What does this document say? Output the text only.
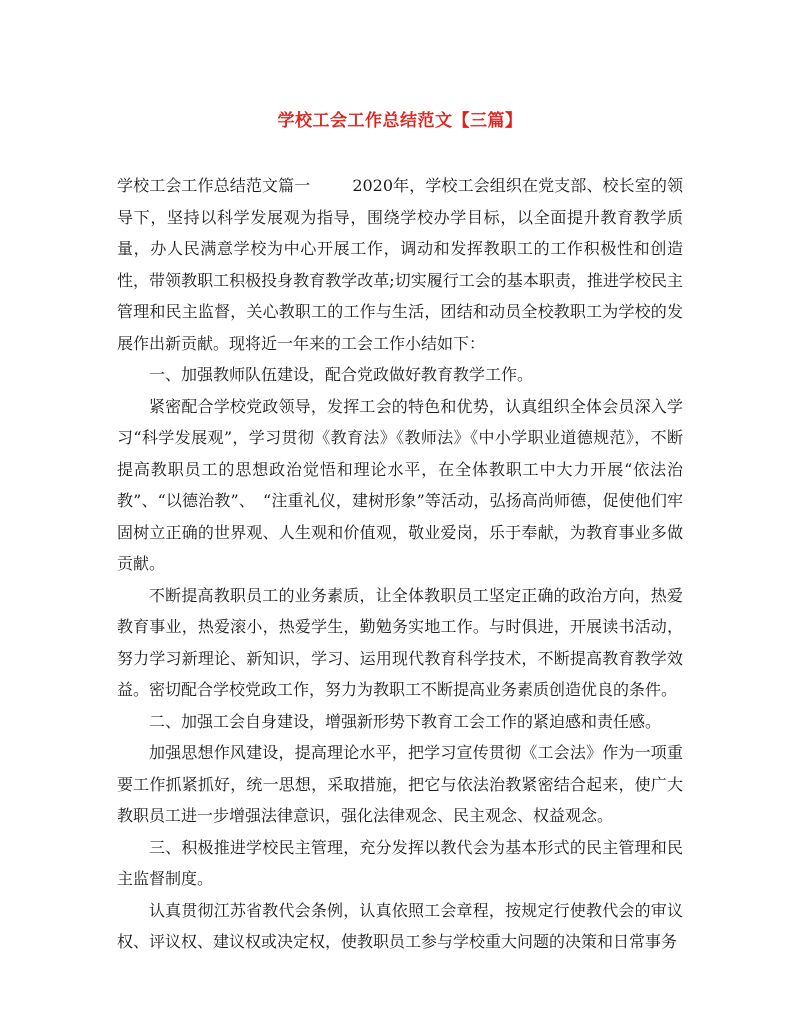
学校工会工作总结范文【三篇】

学校工会工作总结范文篇一	2020年，学校工会组织在党支部、校长室的领导下，坚持以科学发展观为指导，围绕学校办学目标，以全面提升教育教学质量，办人民满意学校为中心开展工作，调动和发挥教职工的工作积极性和创造性，带领教职工积极投身教育教学改革;切实履行工会的基本职责，推进学校民主管理和民主监督，关心教职工的工作与生活，团结和动员全校教职工为学校的发展作出新贡献。现将近一年来的工会工作小结如下：

一、加强教师队伍建设，配合党政做好教育教学工作。

紧密配合学校党政领导，发挥工会的特色和优势，认真组织全体会员深入学习“科学发展观”，学习贯彻《教育法》《教师法》《中小学职业道德规范》，不断提高教职员工的思想政治觉悟和理论水平，在全体教职工中大力开展“依法治教”、“以德治教”、　“注重礼仪，建树形象”等活动，弘扬高尚师德，促使他们牢固树立正确的世界观、人生观和价值观，敬业爱岗，乐于奉献，为教育事业多做贡献。

不断提高教职员工的业务素质，让全体教职员工坚定正确的政治方向，热爱教育事业，热爱滚小，热爱学生，勤勉务实地工作。与时俱进，开展读书活动，努力学习新理论、新知识，学习、运用现代教育科学技术，不断提高教育教学效益。密切配合学校党政工作，努力为教职工不断提高业务素质创造优良的条件。

二、加强工会自身建设，增强新形势下教育工会工作的紧迫感和责任感。

加强思想作风建设，提高理论水平，把学习宣传贯彻《工会法》作为一项重要工作抓紧抓好，统一思想，采取措施，把它与依法治教紧密结合起来，使广大教职员工进一步增强法律意识，强化法律观念、民主观念、权益观念。

三、积极推进学校民主管理，充分发挥以教代会为基本形式的民主管理和民主监督制度。

认真贯彻江苏省教代会条例，认真依照工会章程，按规定行使教代会的审议权、评议权、建议权或决定权，使教职员工参与学校重大问题的决策和日常事务
